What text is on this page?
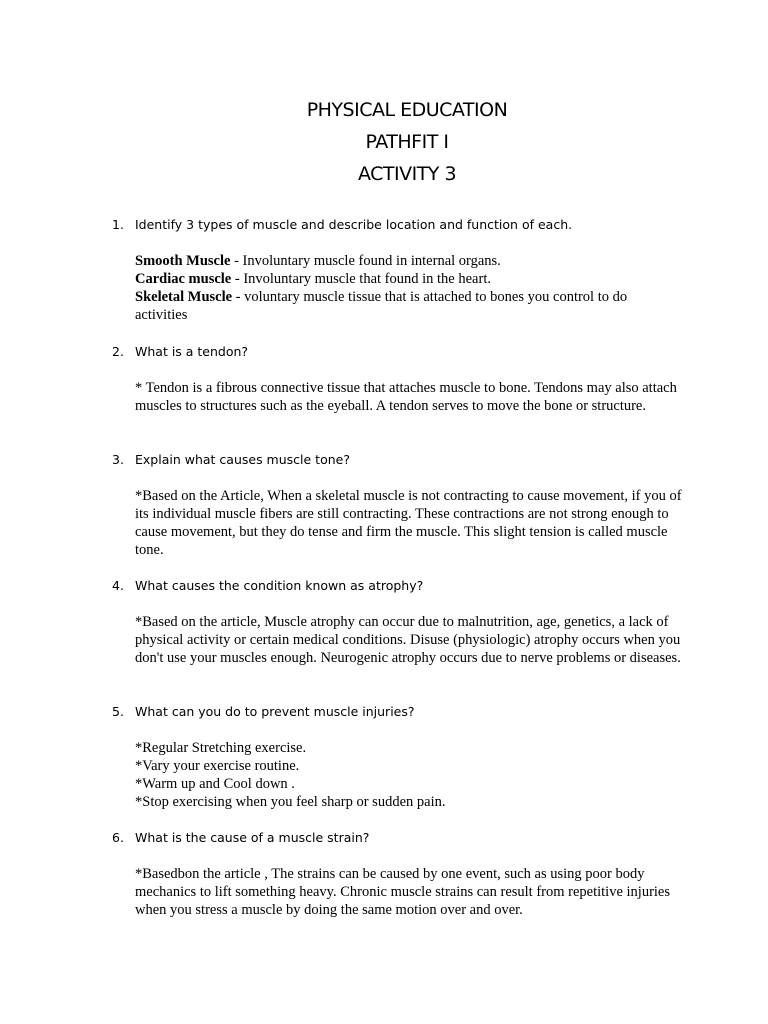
PHYSICAL EDUCATION
PATHFIT I
ACTIVITY 3
1. Identify 3 types of muscle and describe location and function of each.
Smooth Muscle - Involuntary muscle found in internal organs.
Cardiac muscle - Involuntary muscle that found in the heart.
Skeletal Muscle - voluntary muscle tissue that is attached to bones you control to do activities
2. What is a tendon?
* Tendon is a fibrous connective tissue that attaches muscle to bone. Tendons may also attach muscles to structures such as the eyeball. A tendon serves to move the bone or structure.
3. Explain what causes muscle tone?
*Based on the Article, When a skeletal muscle is not contracting to cause movement, if you of its individual muscle fibers are still contracting. These contractions are not strong enough to cause movement, but they do tense and firm the muscle. This slight tension is called muscle tone.
4. What causes the condition known as atrophy?
*Based on the article, Muscle atrophy can occur due to malnutrition, age, genetics, a lack of physical activity or certain medical conditions. Disuse (physiologic) atrophy occurs when you don't use your muscles enough. Neurogenic atrophy occurs due to nerve problems or diseases.
5. What can you do to prevent muscle injuries?
*Regular Stretching exercise.
*Vary your exercise routine.
*Warm up and Cool down .
*Stop exercising when you feel sharp or sudden pain.
6. What is the cause of a muscle strain?
*Basedbon the article , The strains can be caused by one event, such as using poor body mechanics to lift something heavy. Chronic muscle strains can result from repetitive injuries when you stress a muscle by doing the same motion over and over.
